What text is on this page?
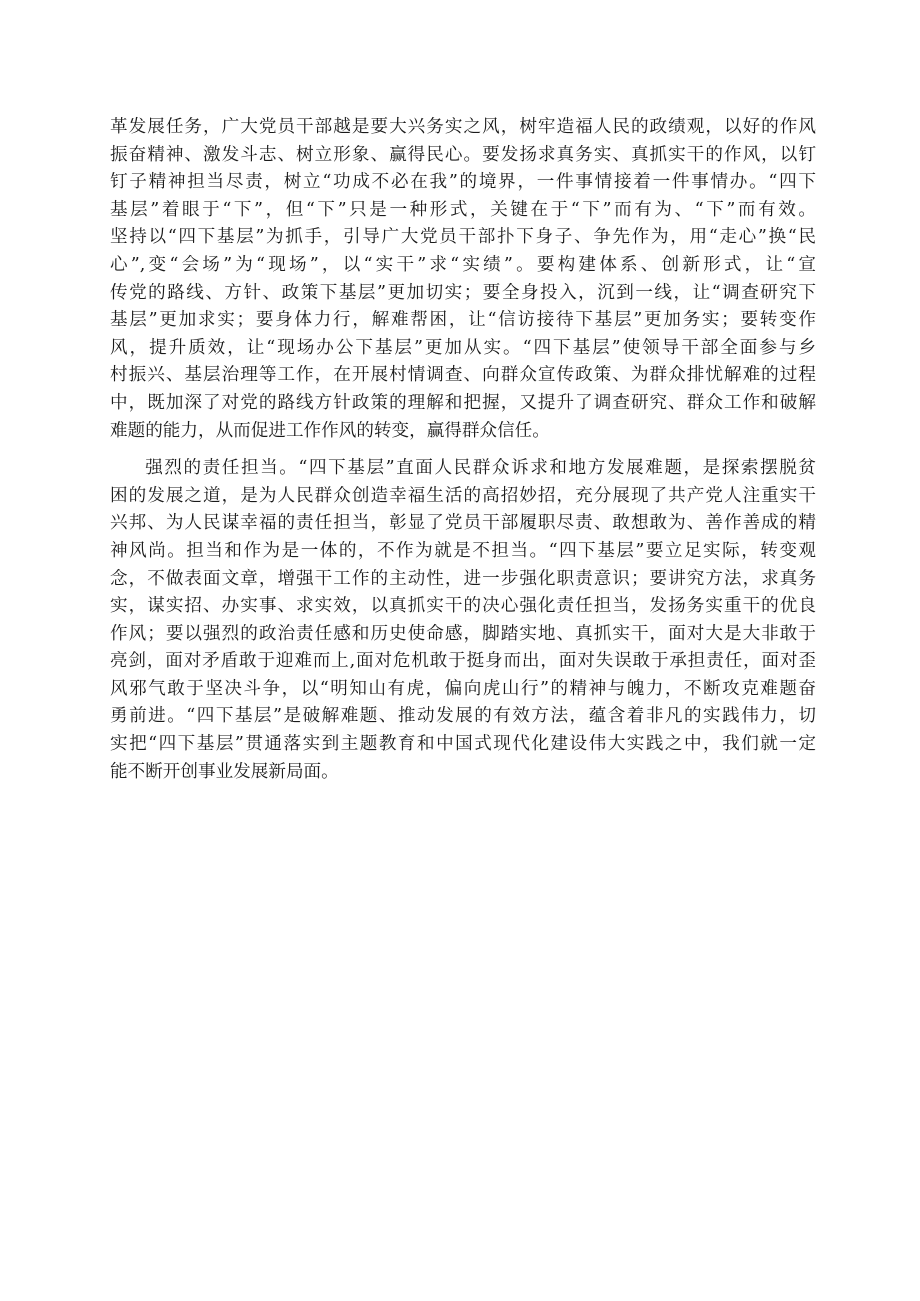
革发展任务，广大党员干部越是要大兴务实之风，树牢造福人民的政绩观，以好的作风
振奋精神、激发斗志、树立形象、赢得民心。要发扬求真务实、真抓实干的作风，以钉
钉子精神担当尽责，树立“功成不必在我”的境界，一件事情接着一件事情办。“四下
基层”着眼于“下”，但“下”只是一种形式，关键在于“下”而有为、“下”而有效。
坚持以“四下基层”为抓手，引导广大党员干部扑下身子、争先作为，用“走心”换“民
心”,变“会场”为“现场”，以“实干”求“实绩”。要构建体系、创新形式，让“宣
传党的路线、方针、政策下基层”更加切实；要全身投入，沉到一线，让“调查研究下
基层”更加求实；要身体力行，解难帮困，让“信访接待下基层”更加务实；要转变作
风，提升质效，让“现场办公下基层”更加从实。“四下基层”使领导干部全面参与乡
村振兴、基层治理等工作，在开展村情调查、向群众宣传政策、为群众排忧解难的过程
中，既加深了对党的路线方针政策的理解和把握，又提升了调查研究、群众工作和破解
难题的能力，从而促进工作作风的转变，赢得群众信任。
强烈的责任担当。“四下基层”直面人民群众诉求和地方发展难题，是探索摆脱贫
困的发展之道，是为人民群众创造幸福生活的高招妙招，充分展现了共产党人注重实干
兴邦、为人民谋幸福的责任担当，彰显了党员干部履职尽责、敢想敢为、善作善成的精
神风尚。担当和作为是一体的，不作为就是不担当。“四下基层”要立足实际，转变观
念，不做表面文章，增强干工作的主动性，进一步强化职责意识；要讲究方法，求真务
实，谋实招、办实事、求实效，以真抓实干的决心强化责任担当，发扬务实重干的优良
作风；要以强烈的政治责任感和历史使命感，脚踏实地、真抓实干，面对大是大非敢于
亮剑，面对矛盾敢于迎难而上,面对危机敢于挺身而出，面对失误敢于承担责任，面对歪
风邪气敢于坚决斗争，以“明知山有虎，偏向虎山行”的精神与魄力，不断攻克难题奋
勇前进。“四下基层”是破解难题、推动发展的有效方法，蕴含着非凡的实践伟力，切
实把“四下基层”贯通落实到主题教育和中国式现代化建设伟大实践之中，我们就一定
能不断开创事业发展新局面。
